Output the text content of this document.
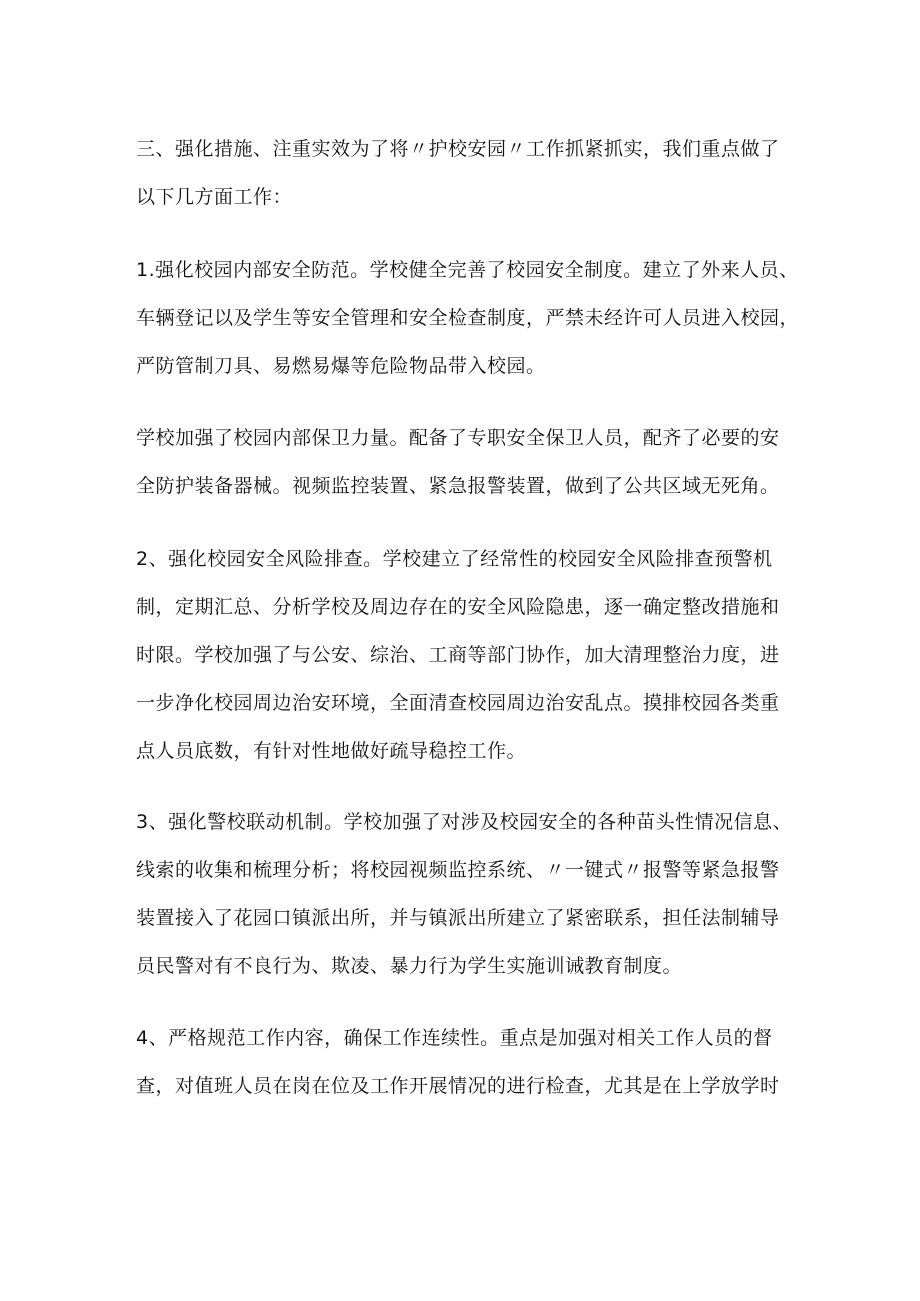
三、强化措施、注重实效为了将〃护校安园〃工作抓紧抓实，我们重点做了
以下几方面工作：
1.强化校园内部安全防范。学校健全完善了校园安全制度。建立了外来人员、
车辆登记以及学生等安全管理和安全检查制度，严禁未经许可人员进入校园，
严防管制刀具、易燃易爆等危险物品带入校园。
学校加强了校园内部保卫力量。配备了专职安全保卫人员，配齐了必要的安
全防护装备器械。视频监控装置、紧急报警装置，做到了公共区域无死角。
2、强化校园安全风险排查。学校建立了经常性的校园安全风险排查预警机
制，定期汇总、分析学校及周边存在的安全风险隐患，逐一确定整改措施和
时限。学校加强了与公安、综治、工商等部门协作，加大清理整治力度，进
一步净化校园周边治安环境，全面清查校园周边治安乱点。摸排校园各类重
点人员底数，有针对性地做好疏导稳控工作。
3、强化警校联动机制。学校加强了对涉及校园安全的各种苗头性情况信息、
线索的收集和梳理分析；将校园视频监控系统、〃一键式〃报警等紧急报警
装置接入了花园口镇派出所，并与镇派出所建立了紧密联系，担任法制辅导
员民警对有不良行为、欺凌、暴力行为学生实施训诫教育制度。
4、严格规范工作内容，确保工作连续性。重点是加强对相关工作人员的督
查，对值班人员在岗在位及工作开展情况的进行检查，尤其是在上学放学时
